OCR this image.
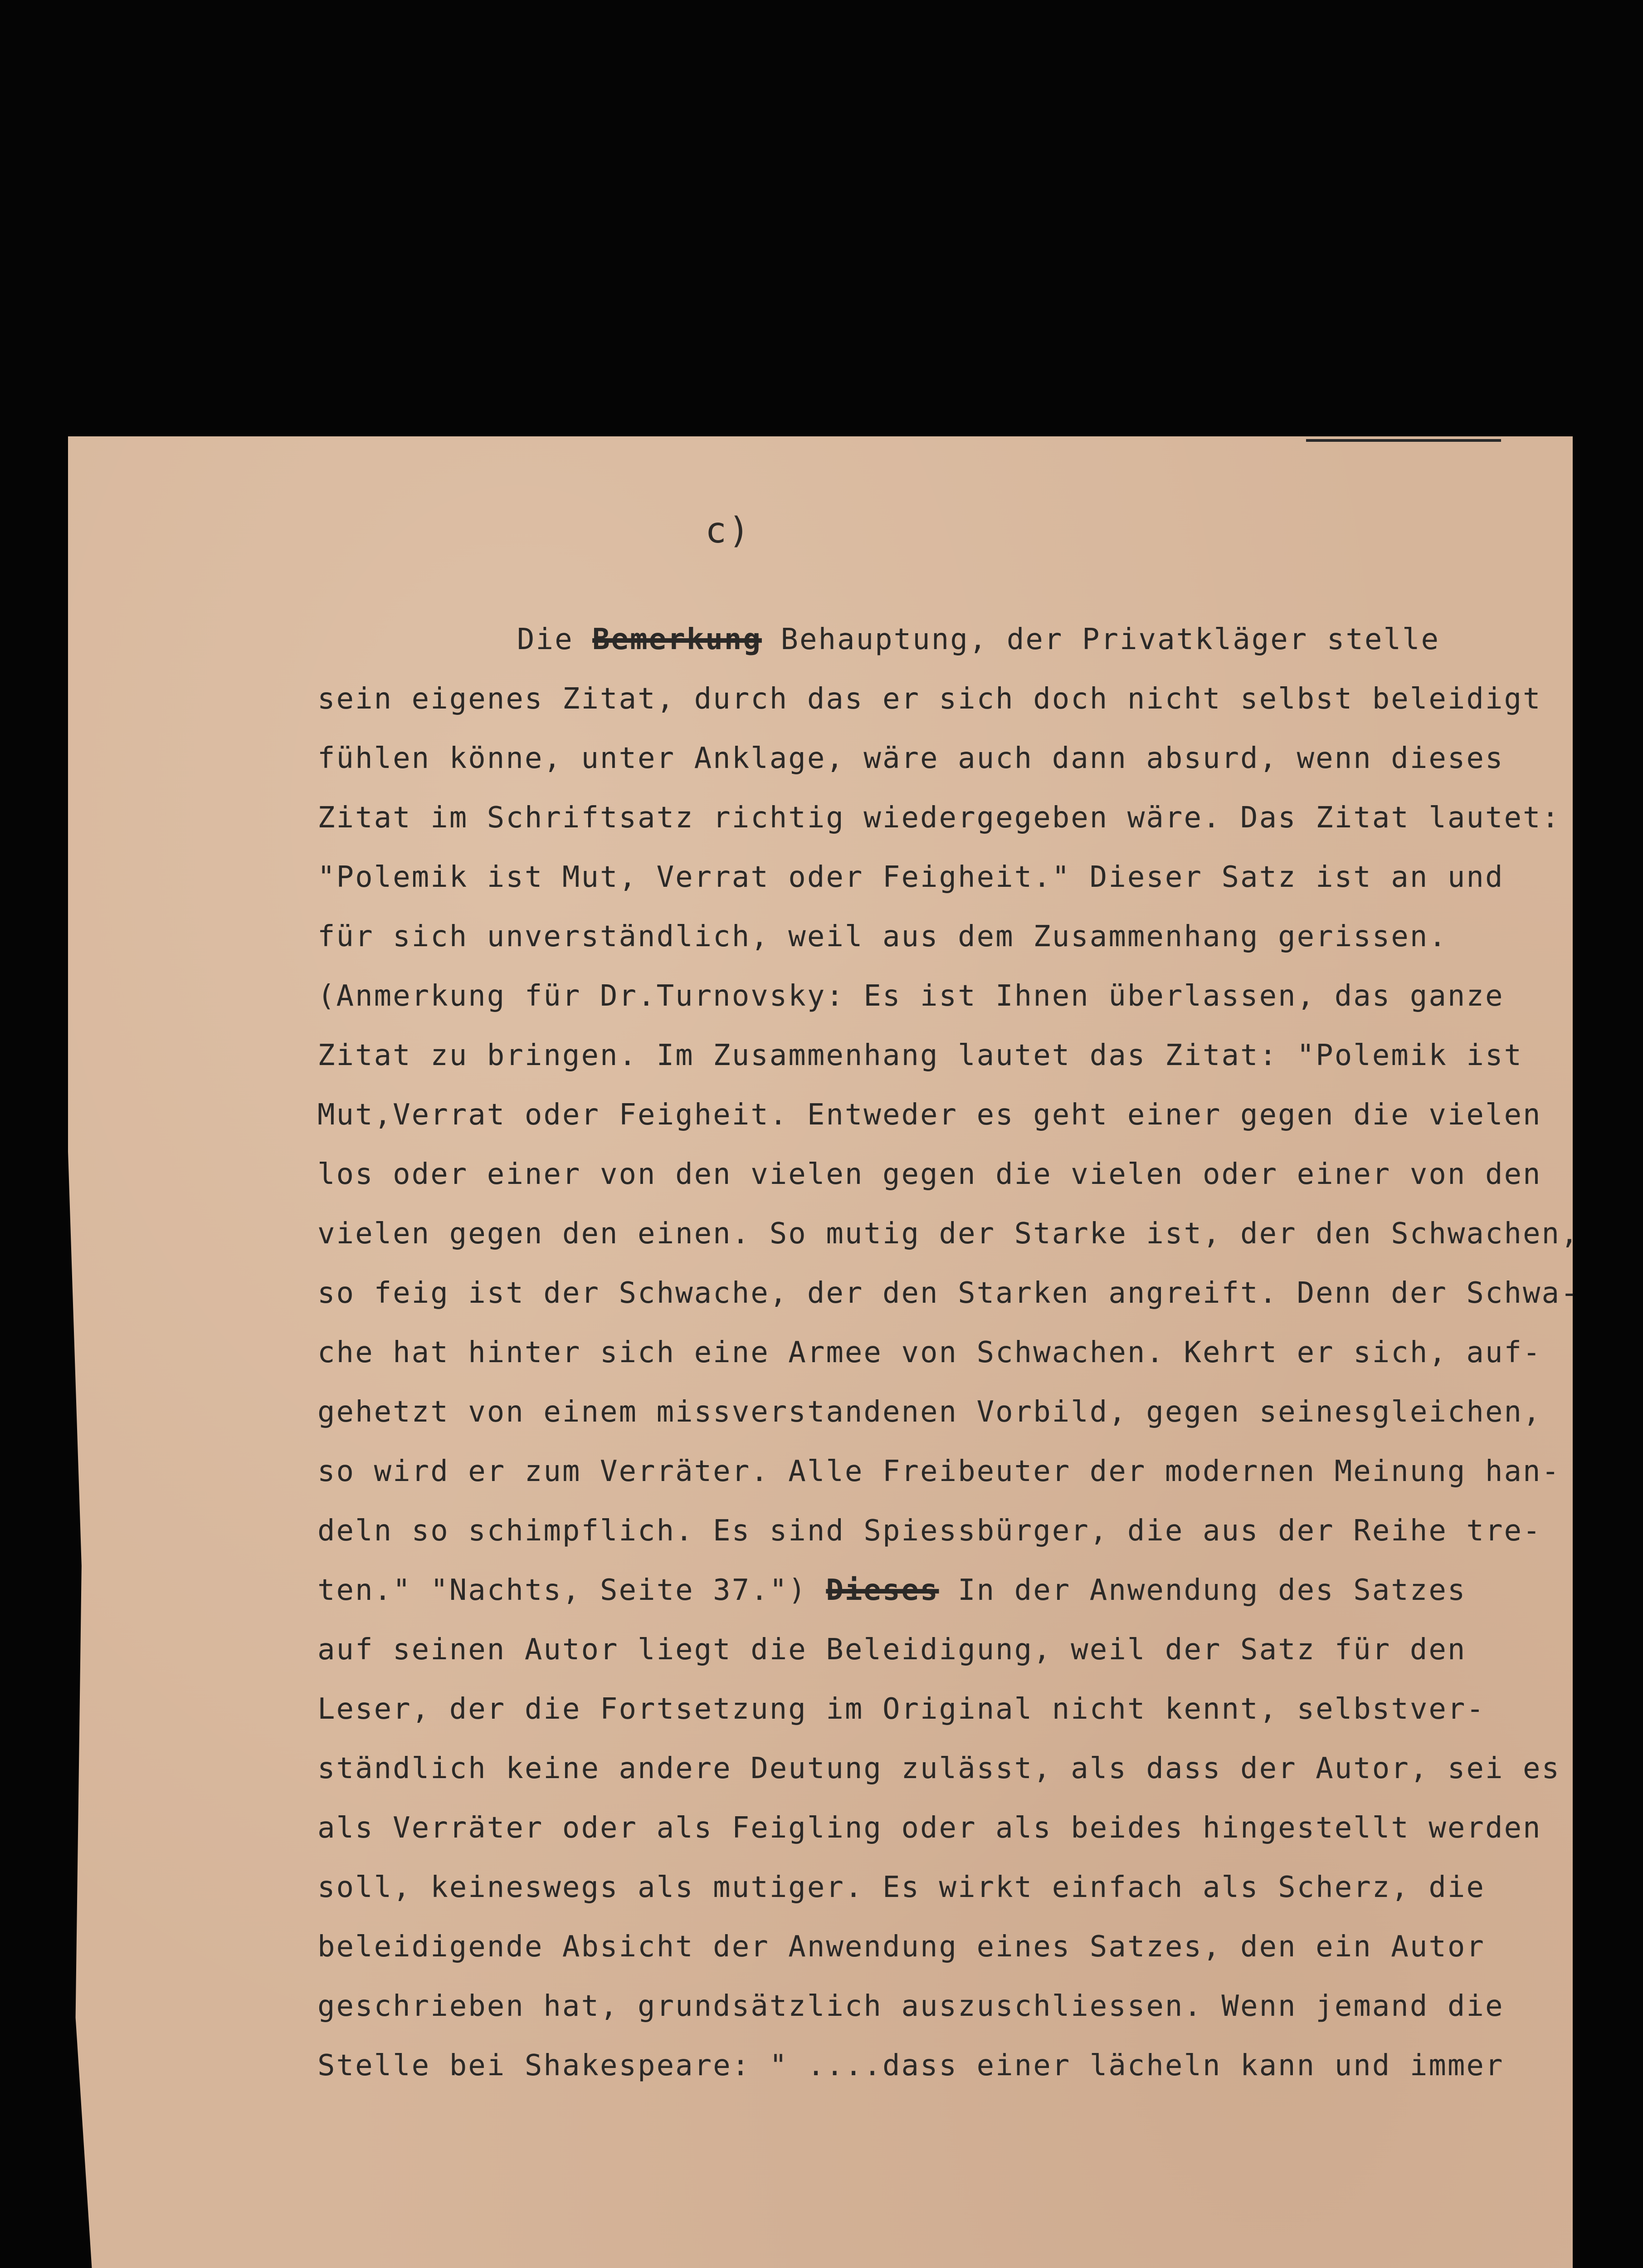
c)
Die Bemerkung Behauptung, der Privatkläger stelle
sein eigenes Zitat, durch das er sich doch nicht selbst beleidigt
fühlen könne, unter Anklage, wäre auch dann absurd, wenn dieses
Zitat im Schriftsatz richtig wiedergegeben wäre. Das Zitat lautet:
"Polemik ist Mut, Verrat oder Feigheit." Dieser Satz ist an und
für sich unverständlich, weil aus dem Zusammenhang gerissen.
(Anmerkung für Dr.Turnovsky: Es ist Ihnen überlassen, das ganze
Zitat zu bringen. Im Zusammenhang lautet das Zitat: "Polemik ist
Mut,Verrat oder Feigheit. Entweder es geht einer gegen die vielen
los oder einer von den vielen gegen die vielen oder einer von den
vielen gegen den einen. So mutig der Starke ist, der den Schwachen,
so feig ist der Schwache, der den Starken angreift. Denn der Schwa-
che hat hinter sich eine Armee von Schwachen. Kehrt er sich, auf-
gehetzt von einem missverstandenen Vorbild, gegen seinesgleichen,
so wird er zum Verräter. Alle Freibeuter der modernen Meinung han-
deln so schimpflich. Es sind Spiessbürger, die aus der Reihe tre-
ten." "Nachts, Seite 37.") Dieses In der Anwendung des Satzes
auf seinen Autor liegt die Beleidigung, weil der Satz für den
Leser, der die Fortsetzung im Original nicht kennt, selbstver-
ständlich keine andere Deutung zulässt, als dass der Autor, sei es
als Verräter oder als Feigling oder als beides hingestellt werden
soll, keineswegs als mutiger. Es wirkt einfach als Scherz, die
beleidigende Absicht der Anwendung eines Satzes, den ein Autor
geschrieben hat, grundsätzlich auszuschliessen. Wenn jemand die
Stelle bei Shakespeare: " ....dass einer lächeln kann und immer
